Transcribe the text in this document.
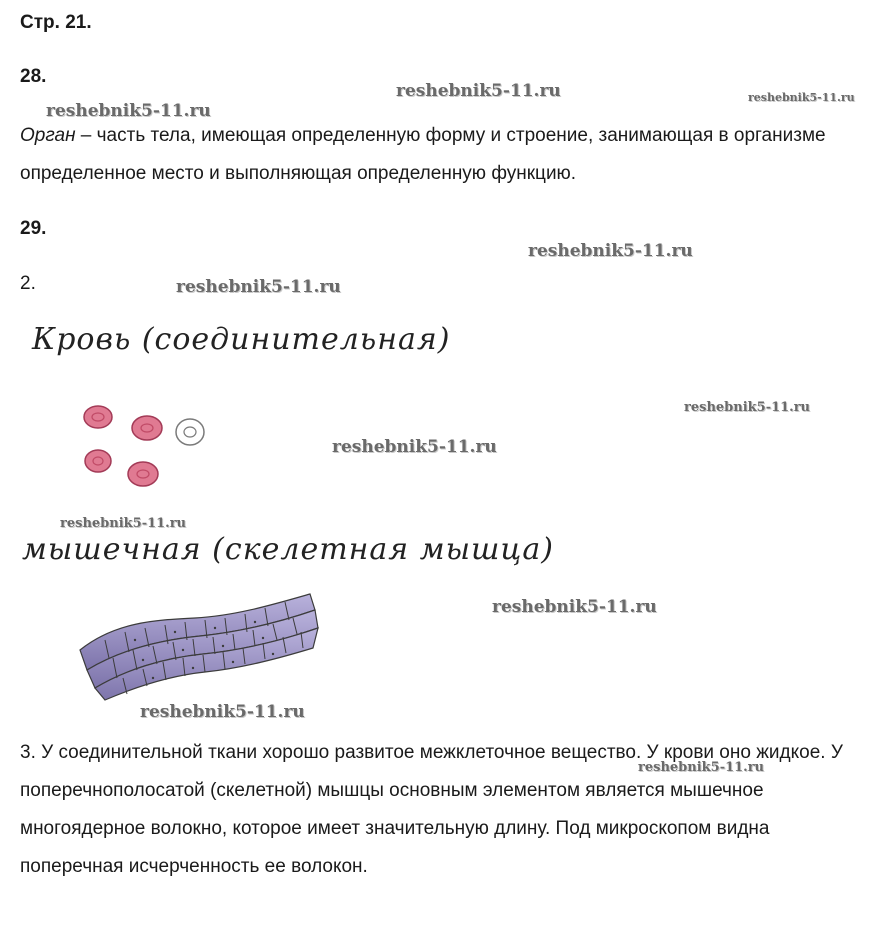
Стр. 21.
28.
Орган – часть тела, имеющая определенную форму и строение, занимающая в организме определенное место и выполняющая определенную функцию.
29.
2.
Кровь (соединительная)
мышечная (скелетная мышца)
3. У соединительной ткани хорошо развитое межклеточное вещество. У крови оно жидкое. У поперечнополосатой (скелетной) мышцы основным элементом является мышечное многоядерное волокно, которое имеет значительную длину. Под микроскопом видна поперечная исчерченность ее волокон.
reshebnik5-11.ru
reshebnik5-11.ru	reshebnik5-11.ru
reshebnik5-11.ru
reshebnik5-11.ru
reshebnik5-11.ru
reshebnik5-11.ru
reshebnik5-11.ru
reshebnik5-11.ru
reshebnik5-11.ru
reshebnik5-11.ru
